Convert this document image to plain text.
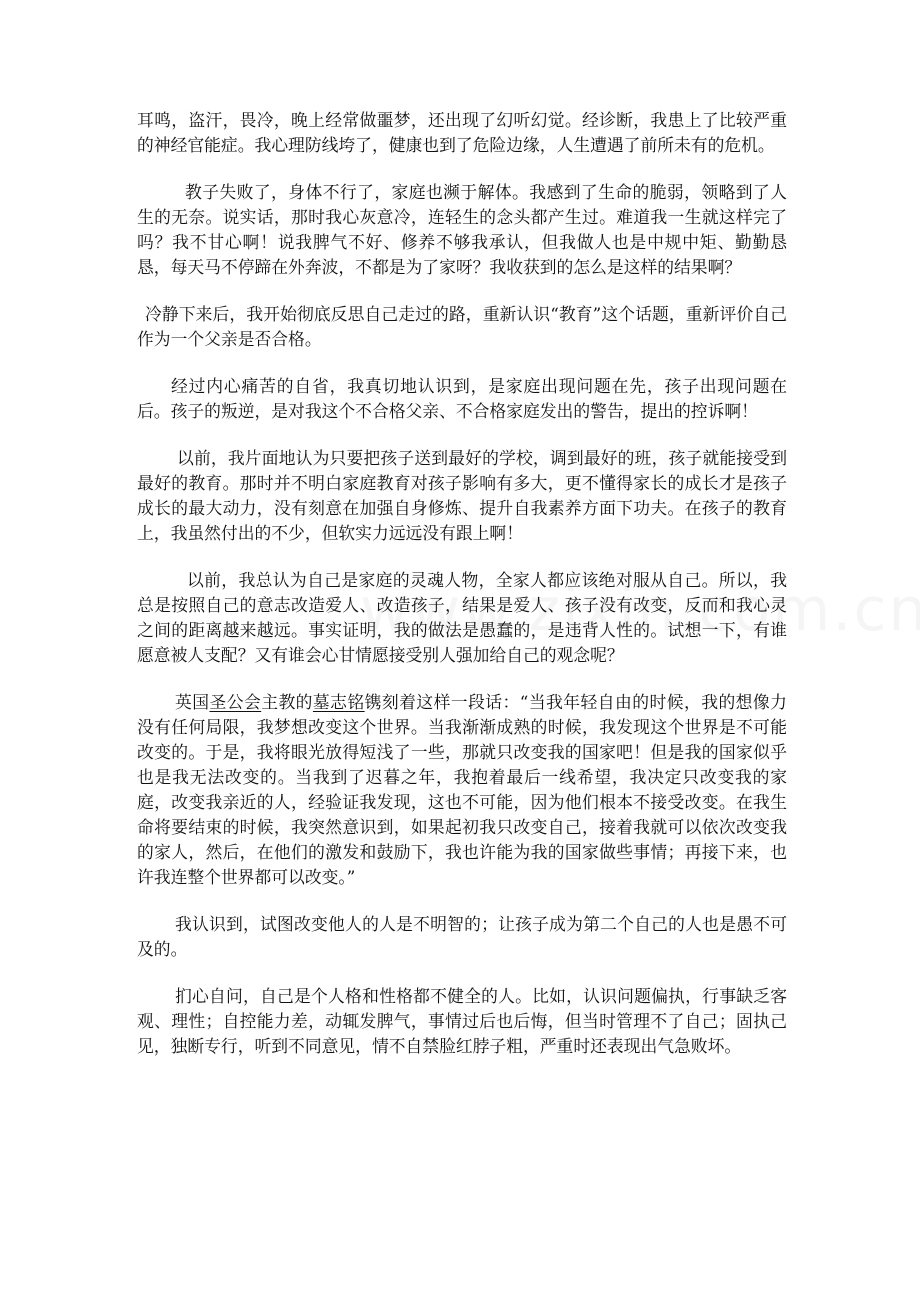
耳鸣，盗汗，畏冷，晚上经常做噩梦，还出现了幻听幻觉。经诊断，我患上了比较严重的神经官能症。我心理防线垮了，健康也到了危险边缘，人生遭遇了前所未有的危机。

教子失败了，身体不行了，家庭也濒于解体。我感到了生命的脆弱，领略到了人生的无奈。说实话，那时我心灰意冷，连轻生的念头都产生过。难道我一生就这样完了吗？我不甘心啊！说我脾气不好、修养不够我承认，但我做人也是中规中矩、勤勤恳恳，每天马不停蹄在外奔波，不都是为了家呀？我收获到的怎么是这样的结果啊？

冷静下来后，我开始彻底反思自己走过的路，重新认识“教育”这个话题，重新评价自己作为一个父亲是否合格。

经过内心痛苦的自省，我真切地认识到，是家庭出现问题在先，孩子出现问题在后。孩子的叛逆，是对我这个不合格父亲、不合格家庭发出的警告，提出的控诉啊！

以前，我片面地认为只要把孩子送到最好的学校，调到最好的班，孩子就能接受到最好的教育。那时并不明白家庭教育对孩子影响有多大，更不懂得家长的成长才是孩子成长的最大动力，没有刻意在加强自身修炼、提升自我素养方面下功夫。在孩子的教育上，我虽然付出的不少，但软实力远远没有跟上啊！

以前，我总认为自己是家庭的灵魂人物，全家人都应该绝对服从自己。所以，我总是按照自己的意志改造爱人、改造孩子，结果是爱人、孩子没有改变，反而和我心灵之间的距离越来越远。事实证明，我的做法是愚蠢的，是违背人性的。试想一下，有谁愿意被人支配？又有谁会心甘情愿接受别人强加给自己的观念呢？

英国圣公会主教的墓志铭镌刻着这样一段话：“当我年轻自由的时候，我的想像力没有任何局限，我梦想改变这个世界。当我渐渐成熟的时候，我发现这个世界是不可能改变的。于是，我将眼光放得短浅了一些，那就只改变我的国家吧！但是我的国家似乎也是我无法改变的。当我到了迟暮之年，我抱着最后一线希望，我决定只改变我的家庭，改变我亲近的人，经验证我发现，这也不可能，因为他们根本不接受改变。在我生命将要结束的时候，我突然意识到，如果起初我只改变自己，接着我就可以依次改变我的家人，然后，在他们的激发和鼓励下，我也许能为我的国家做些事情；再接下来，也许我连整个世界都可以改变。”

我认识到，试图改变他人的人是不明智的；让孩子成为第二个自己的人也是愚不可及的。

扪心自问，自己是个人格和性格都不健全的人。比如，认识问题偏执，行事缺乏客观、理性；自控能力差，动辄发脾气，事情过后也后悔，但当时管理不了自己；固执己见，独断专行，听到不同意见，情不自禁脸红脖子粗，严重时还表现出气急败坏。
